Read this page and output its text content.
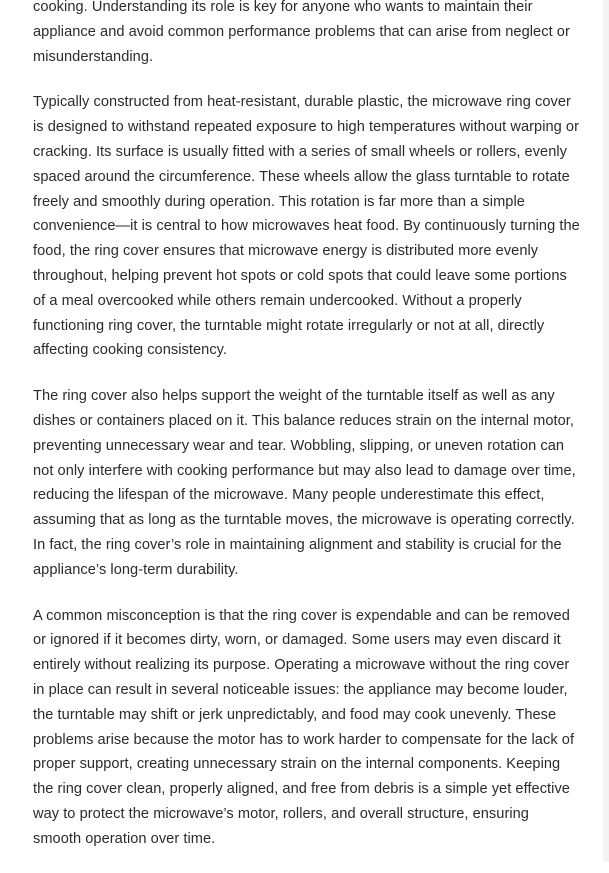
cooking. Understanding its role is key for anyone who wants to maintain their appliance and avoid common performance problems that can arise from neglect or misunderstanding.

Typically constructed from heat-resistant, durable plastic, the microwave ring cover is designed to withstand repeated exposure to high temperatures without warping or cracking. Its surface is usually fitted with a series of small wheels or rollers, evenly spaced around the circumference. These wheels allow the glass turntable to rotate freely and smoothly during operation. This rotation is far more than a simple convenience—it is central to how microwaves heat food. By continuously turning the food, the ring cover ensures that microwave energy is distributed more evenly throughout, helping prevent hot spots or cold spots that could leave some portions of a meal overcooked while others remain undercooked. Without a properly functioning ring cover, the turntable might rotate irregularly or not at all, directly affecting cooking consistency.

The ring cover also helps support the weight of the turntable itself as well as any dishes or containers placed on it. This balance reduces strain on the internal motor, preventing unnecessary wear and tear. Wobbling, slipping, or uneven rotation can not only interfere with cooking performance but may also lead to damage over time, reducing the lifespan of the microwave. Many people underestimate this effect, assuming that as long as the turntable moves, the microwave is operating correctly. In fact, the ring cover’s role in maintaining alignment and stability is crucial for the appliance’s long-term durability.

A common misconception is that the ring cover is expendable and can be removed or ignored if it becomes dirty, worn, or damaged. Some users may even discard it entirely without realizing its purpose. Operating a microwave without the ring cover in place can result in several noticeable issues: the appliance may become louder, the turntable may shift or jerk unpredictably, and food may cook unevenly. These problems arise because the motor has to work harder to compensate for the lack of proper support, creating unnecessary strain on the internal components. Keeping the ring cover clean, properly aligned, and free from debris is a simple yet effective way to protect the microwave’s motor, rollers, and overall structure, ensuring smooth operation over time.
